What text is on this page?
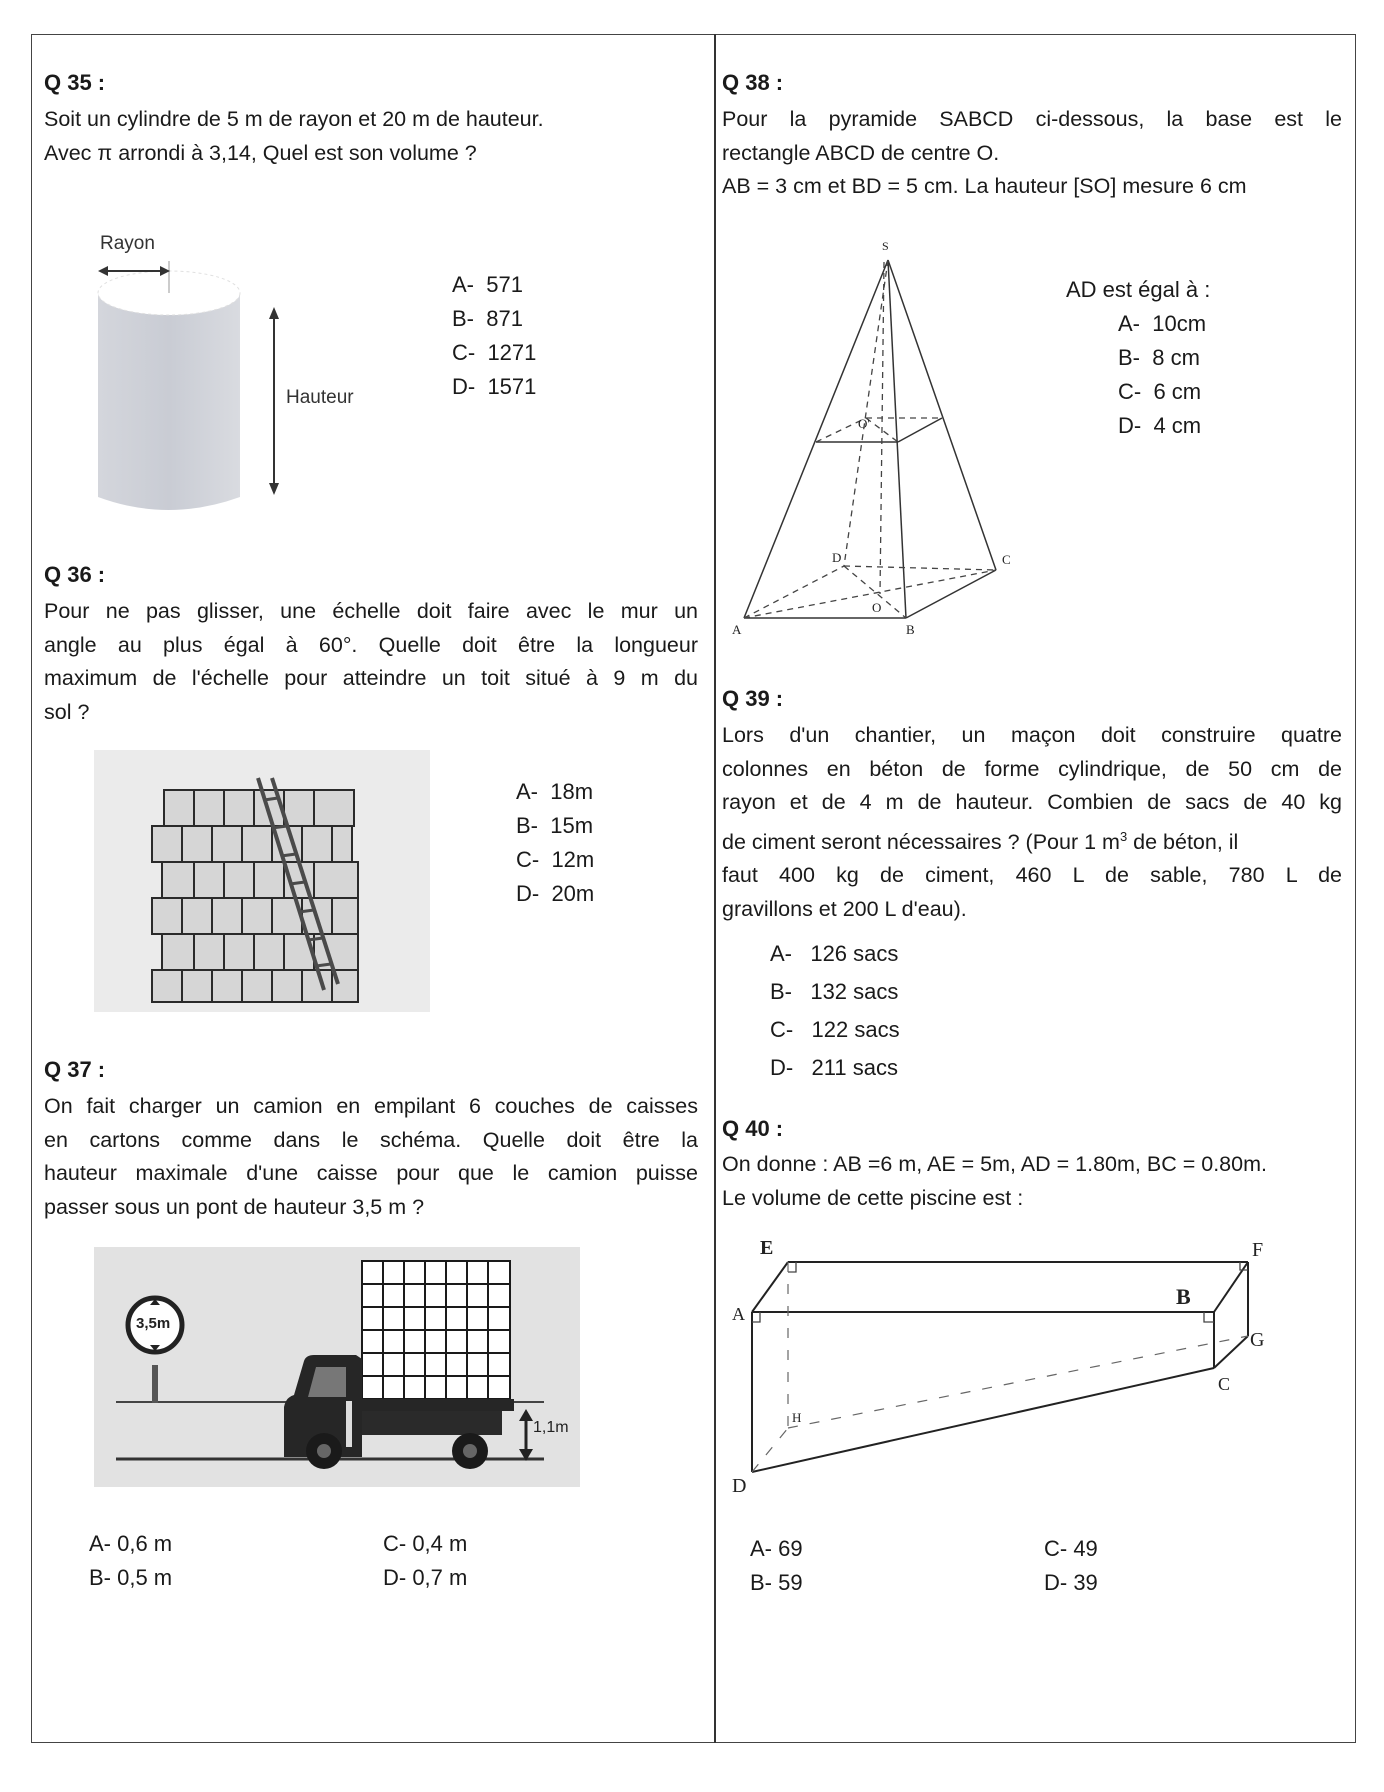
Q 35 :
Soit un cylindre de 5 m de rayon et 20 m de hauteur.
Avec π arrondi à 3,14, Quel est son volume ?
Rayon
Hauteur
A-  571
B-  871
C-  1271
D-  1571
Q 36 :
Pour ne pas glisser, une échelle doit faire avec le mur un
angle au plus égal à 60°. Quelle doit être la longueur
maximum de l'échelle pour atteindre un toit situé à 9 m du
sol ?
A-  18m
B-  15m
C-  12m
D-  20m
Q 37 :
On fait charger un camion en empilant 6 couches de caisses
en cartons comme dans le schéma. Quelle doit être la
hauteur maximale d'une caisse pour que le camion puisse
passer sous un pont de hauteur 3,5 m ?
3,5m
1,1m
A- 0,6 m
B- 0,5 m
C- 0,4 m
D- 0,7 m
Q 38 :
Pour la pyramide SABCD ci-dessous, la base est le
rectangle ABCD de centre O.
AB = 3 cm et BD = 5 cm. La hauteur [SO] mesure 6 cm
S
O'
D	C
O
A	B
AD est égal à :
A-  10cm
B-  8 cm
C-  6 cm
D-  4 cm
Q 39 :
Lors d'un chantier, un maçon doit construire quatre
colonnes en béton de forme cylindrique, de 50 cm de
rayon et de 4 m de hauteur. Combien de sacs de 40 kg
de ciment seront nécessaires ? (Pour 1 $m^3$ de béton, il
faut 400 kg de ciment, 460 L de sable, 780 L de
gravillons et 200 L d'eau).
A-   126 sacs
B-   132 sacs
C-   122 sacs
D-   211 sacs
Q 40 :
On donne : AB =6 m, AE = 5m, AD = 1.80m, BC = 0.80m.
Le volume de cette piscine est :
E	F
B
A
G
C
H
D
A- 69
B- 59
C- 49
D- 39
